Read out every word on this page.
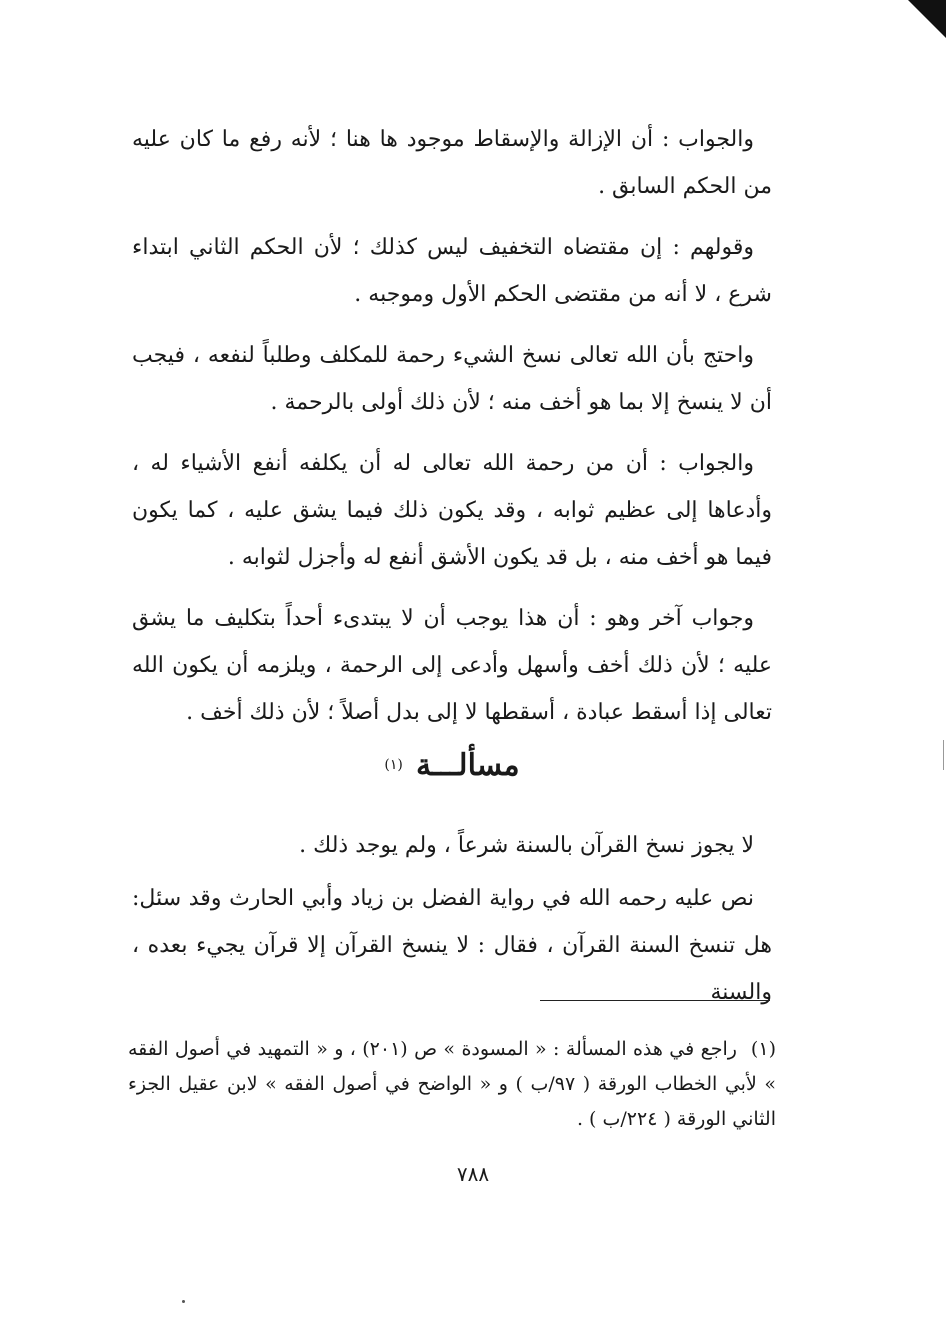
والجواب : أن الإزالة والإسقاط موجود ها هنا ؛ لأنه رفع ما كان عليه من الحكم السابق .

وقولهم : إن مقتضاه التخفيف ليس كذلك ؛ لأن الحكم الثاني ابتداء شرع ، لا أنه من مقتضى الحكم الأول وموجبه .

واحتج بأن الله تعالى نسخ الشيء رحمة للمكلف وطلباً لنفعه ، فيجب أن لا ينسخ إلا بما هو أخف منه ؛ لأن ذلك أولى بالرحمة .

والجواب : أن من رحمة الله تعالى له أن يكلفه أنفع الأشياء له ، وأدعاها إلى عظيم ثوابه ، وقد يكون ذلك فيما يشق عليه ، كما يكون فيما هو أخف منه ، بل قد يكون الأشق أنفع له وأجزل لثوابه .

وجواب آخر وهو : أن هذا يوجب أن لا يبتدىء أحداً بتكليف ما يشق عليه ؛ لأن ذلك أخف وأسهل وأدعى إلى الرحمة ، ويلزمه أن يكون الله تعالى إذا أسقط عبادة ، أسقطها لا إلى بدل أصلاً ؛ لأن ذلك أخف .

مسألـــة (١)

لا يجوز نسخ القرآن بالسنة شرعاً ، ولم يوجد ذلك .

نص عليه رحمه الله في رواية الفضل بن زياد وأبي الحارث وقد سئل: هل تنسخ السنة القرآن ، فقال : لا ينسخ القرآن إلا قرآن يجيء بعده ، والسنة

(١)راجع في هذه المسألة : « المسودة » ص (٢٠١) ، و « التمهيد في أصول الفقه » لأبي الخطاب الورقة ( ٩٧/ب ) و « الواضح في أصول الفقه » لابن عقيل الجزء الثاني الورقة ( ٢٢٤/ب ) .
٧٨٨
